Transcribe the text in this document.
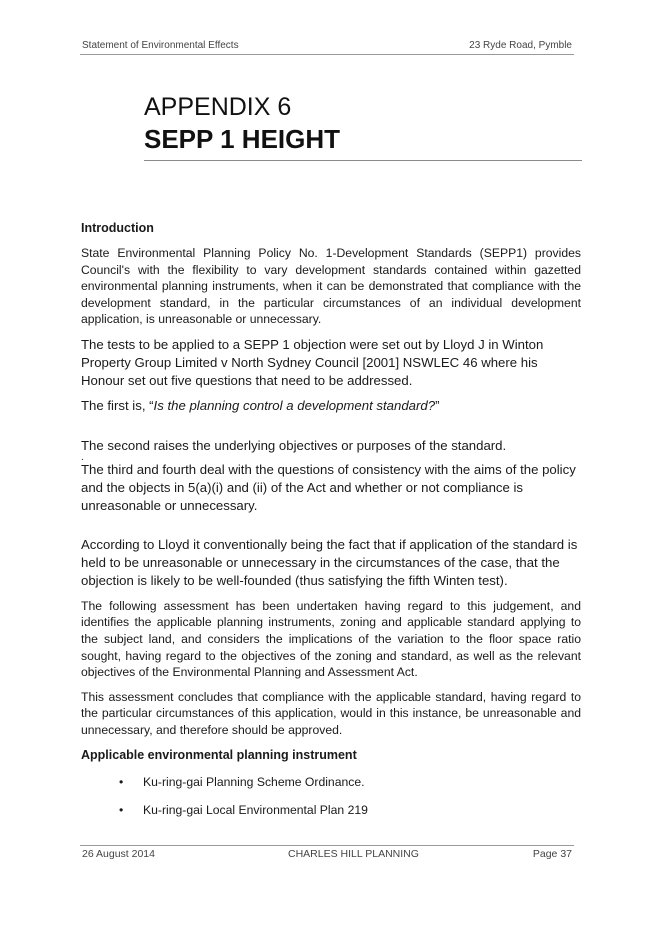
Statement of Environmental Effects	23 Ryde Road, Pymble
APPENDIX 6
SEPP 1 HEIGHT
Introduction
State Environmental Planning Policy No. 1-Development Standards (SEPP1) provides Council's with the flexibility to vary development standards contained within gazetted environmental planning instruments, when it can be demonstrated that compliance with the development standard, in the particular circumstances of an individual development application, is unreasonable or unnecessary.
The tests to be applied to a SEPP 1 objection were set out by Lloyd J in Winton Property Group Limited v North Sydney Council [2001] NSWLEC 46 where his Honour set out five questions that need to be addressed.
The first is, “Is the planning control a development standard?”
The second raises the underlying objectives or purposes of the standard.
.
The third and fourth deal with the questions of consistency with the aims of the policy and the objects in 5(a)(i) and (ii) of the Act and whether or not compliance is unreasonable or unnecessary.
According to Lloyd it conventionally being the fact that if application of the standard is held to be unreasonable or unnecessary in the circumstances of the case, that the objection is likely to be well-founded (thus satisfying the fifth Winten test).
The following assessment has been undertaken having regard to this judgement, and identifies the applicable planning instruments, zoning and applicable standard applying to the subject land, and considers the implications of the variation to the floor space ratio sought, having regard to the objectives of the zoning and standard, as well as the relevant objectives of the Environmental Planning and Assessment Act.
This assessment concludes that compliance with the applicable standard, having regard to the particular circumstances of this application, would in this instance, be unreasonable and unnecessary, and therefore should be approved.
Applicable environmental planning instrument
• Ku-ring-gai Planning Scheme Ordinance.
• Ku-ring-gai Local Environmental Plan 219
26 August 2014	CHARLES HILL PLANNING	Page 37
